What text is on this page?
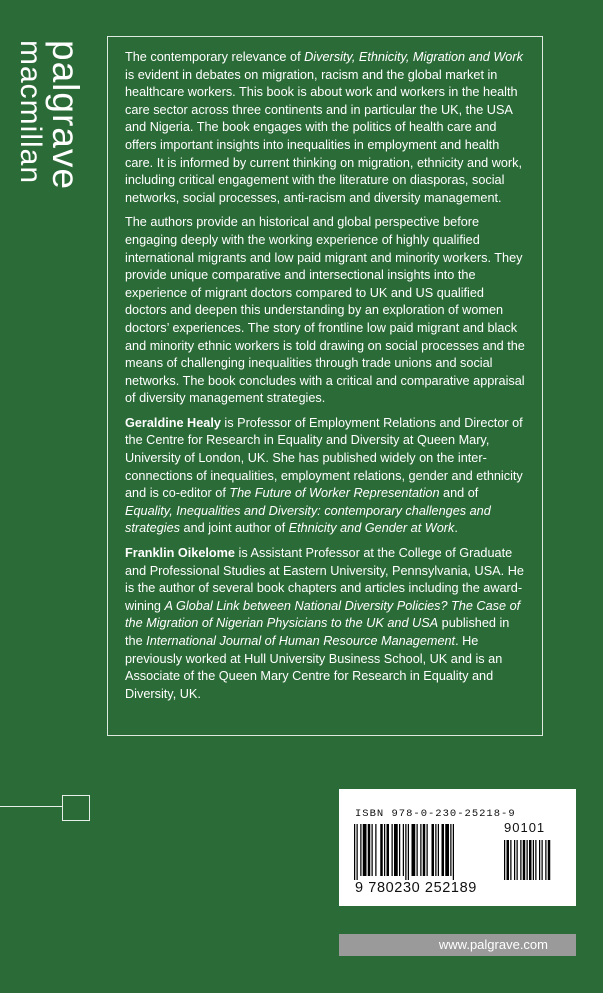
palgrave
macmillan	The contemporary relevance of Diversity, Ethnicity, Migration and Work is evident in debates on migration, racism and the global market in healthcare workers. This book is about work and workers in the health care sector across three continents and in particular the UK, the USA and Nigeria. The book engages with the politics of health care and offers important insights into inequalities in employment and health care. It is informed by current thinking on migration, ethnicity and work, including critical engagement with the literature on diasporas, social networks, social processes, anti-racism and diversity management.

The authors provide an historical and global perspective before engaging deeply with the working experience of highly qualified international migrants and low paid migrant and minority workers. They provide unique comparative and intersectional insights into the experience of migrant doctors compared to UK and US qualified doctors and deepen this understanding by an exploration of women doctors’ experiences. The story of frontline low paid migrant and black and minority ethnic workers is told drawing on social processes and the means of challenging inequalities through trade unions and social networks. The book concludes with a critical and comparative appraisal of diversity management strategies.

Geraldine Healy is Professor of Employment Relations and Director of the Centre for Research in Equality and Diversity at Queen Mary, University of London, UK. She has published widely on the inter-connections of inequalities, employment relations, gender and ethnicity and is co-editor of The Future of Worker Representation and of Equality, Inequalities and Diversity: contemporary challenges and strategies and joint author of Ethnicity and Gender at Work.

Franklin Oikelome is Assistant Professor at the College of Graduate and Professional Studies at Eastern University, Pennsylvania, USA. He is the author of several book chapters and articles including the award-wining A Global Link between National Diversity Policies? The Case of the Migration of Nigerian Physicians to the UK and USA published in the International Journal of Human Resource Management. He previously worked at Hull University Business School, UK and is an Associate of the Queen Mary Centre for Research in Equality and Diversity, UK.

ISBN 978-0-230-25218-9
90101
9 780230 252189
www.palgrave.com
